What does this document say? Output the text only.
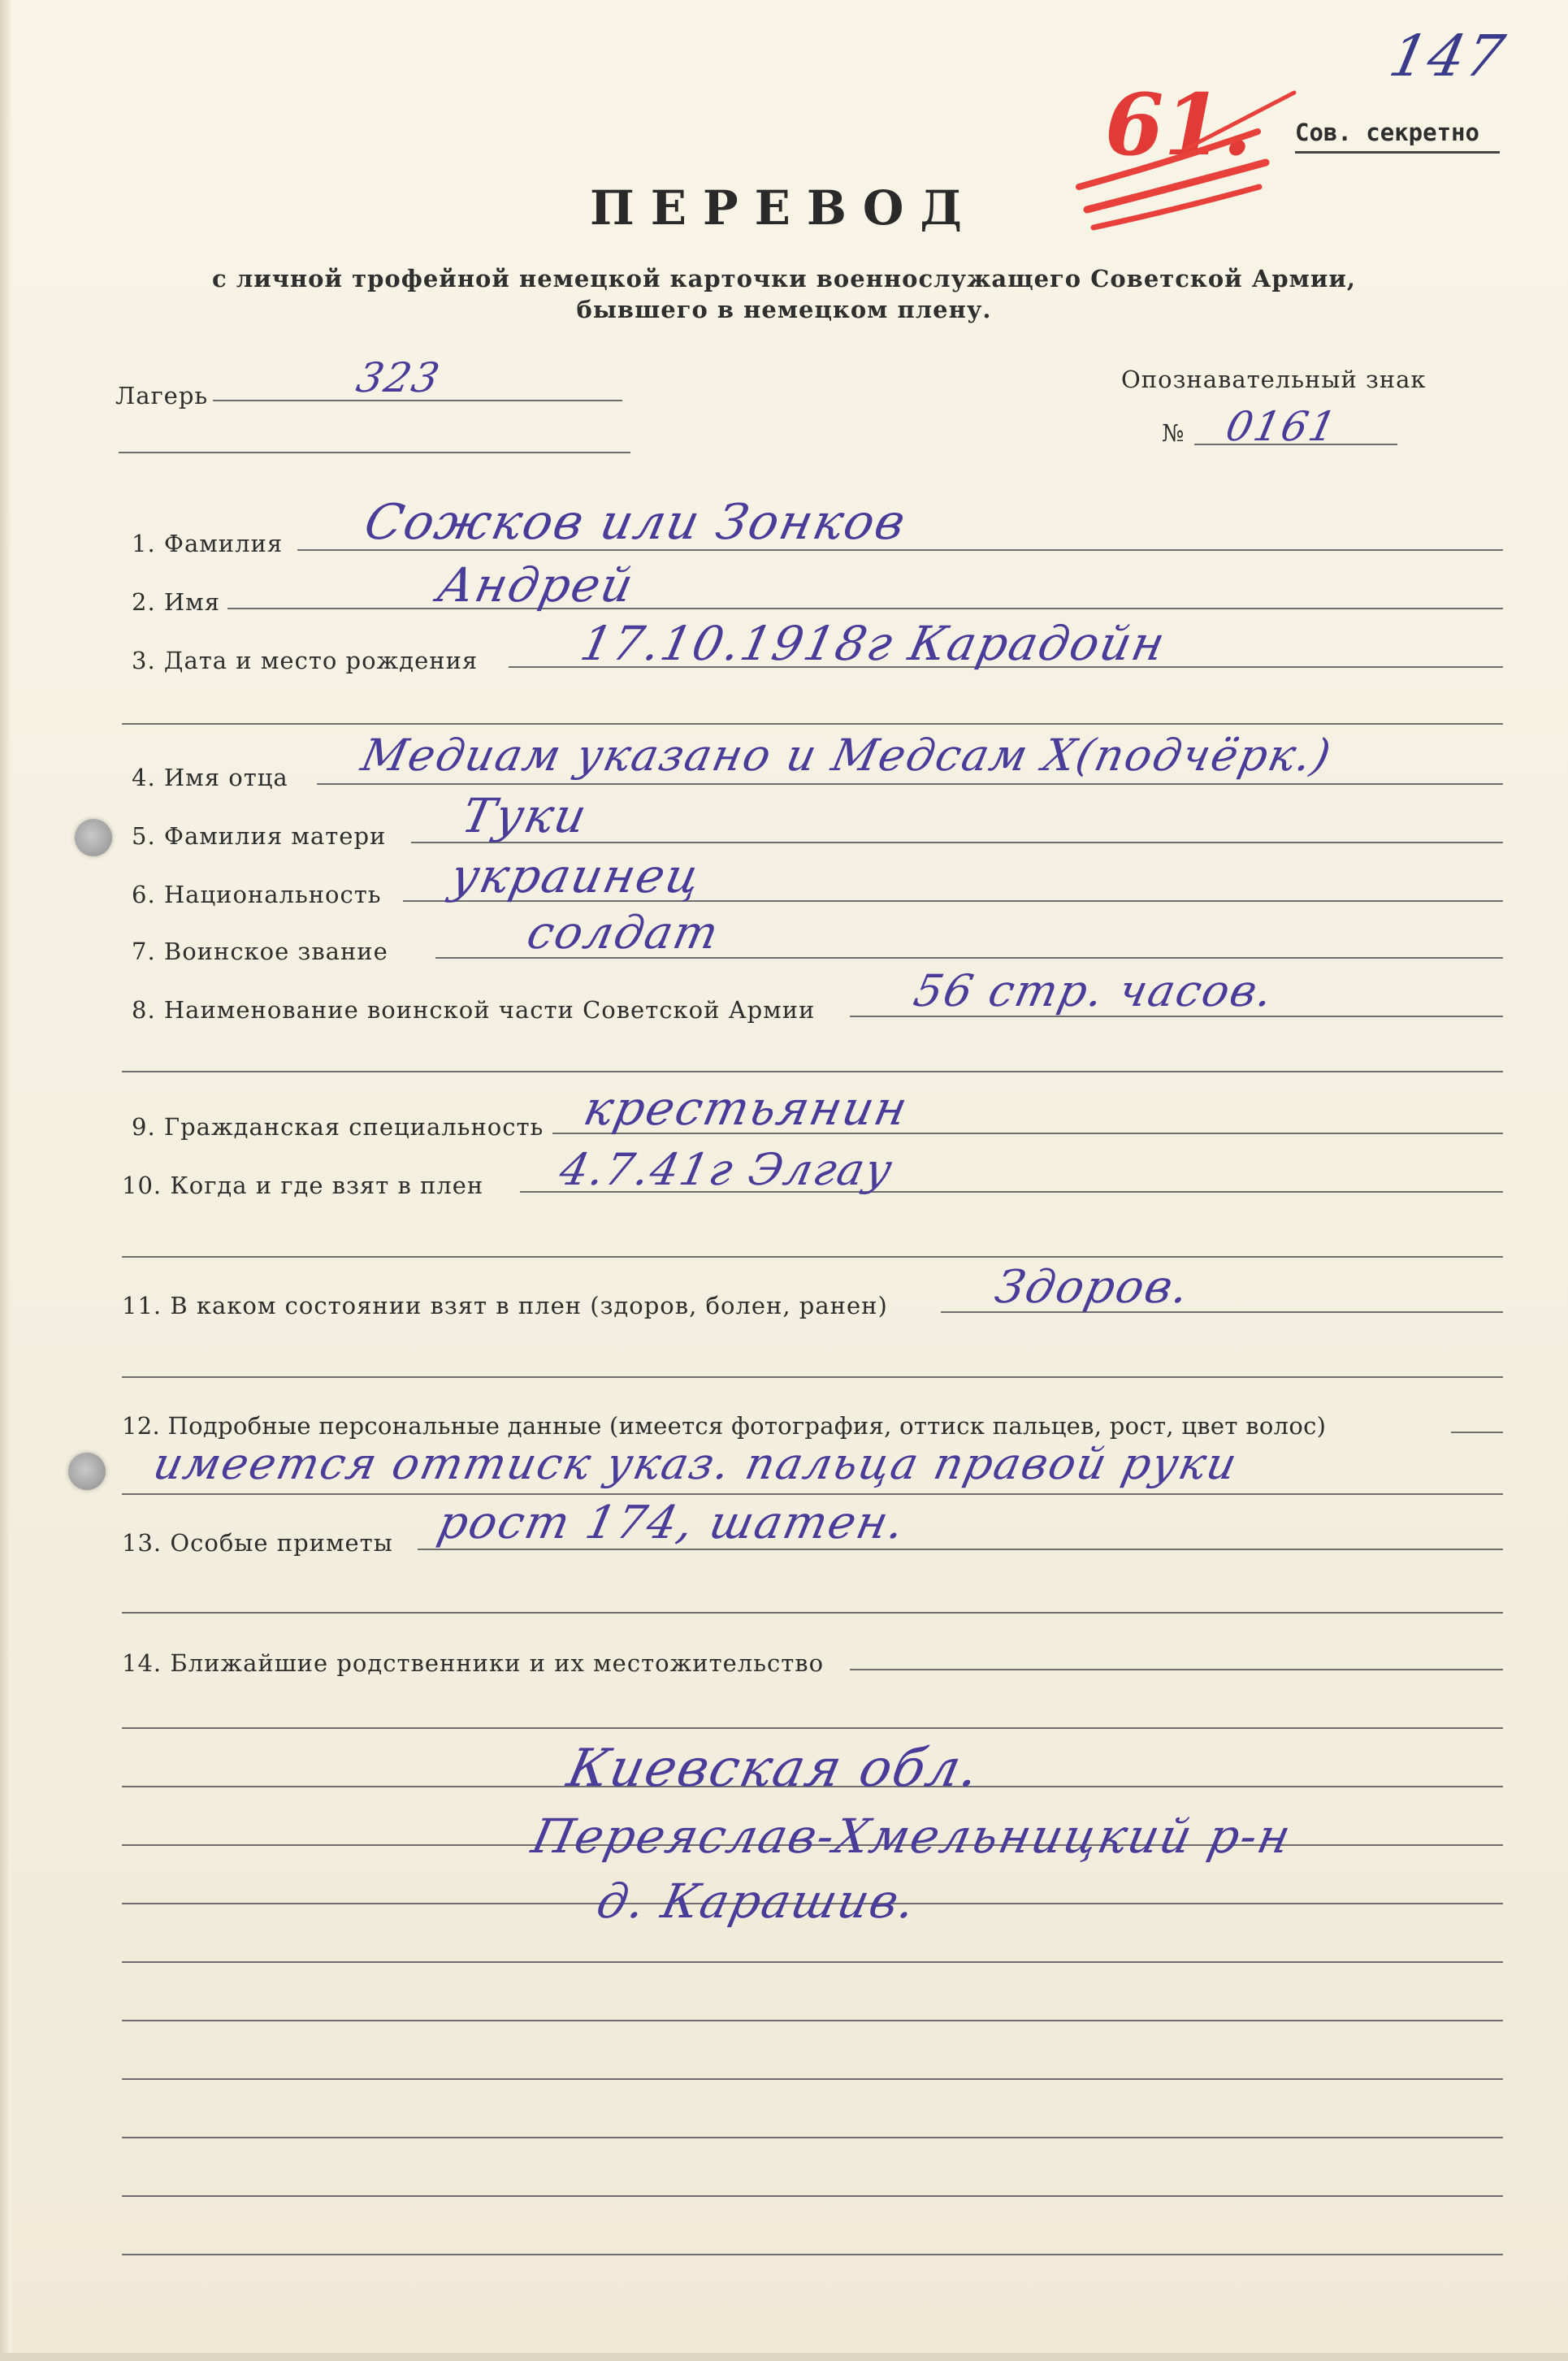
147
61. Сов. секретно
ПЕРЕВОД
с личной трофейной немецкой карточки военнослужащего Советской Армии,
бывшего в немецком плену.
Лагерь	323	Опознавательный знак
№ 0161
1. Фамилия Сожков или Зонков
2. Имя	Андрей
3. Дата и место рождения 17.10.1918г Карадойн
4. Имя отца Медиам указано и Медсам Х(подчёрк.)
5. Фамилия матери Туки
6. Национальность украинец
7. Воинское звание	солдат
8. Наименование воинской части Советской Армии 56 стр. часов.
9. Гражданская специальность крестьянин
10. Когда и где взят в плен 4.7.41г Элгау
11. В каком состоянии взят в плен (здоров, болен, ранен) Здоров.
12. Подробные персональные данные (имеется фотография, оттиск пальцев, рост, цвет волос)
имеется оттиск указ. пальца правой руки
13. Особые приметы рост 174, шатен.
14. Ближайшие родственники и их местожительство
Киевская обл.
Переяслав-Хмельницкий р-н
д. Карашив.
